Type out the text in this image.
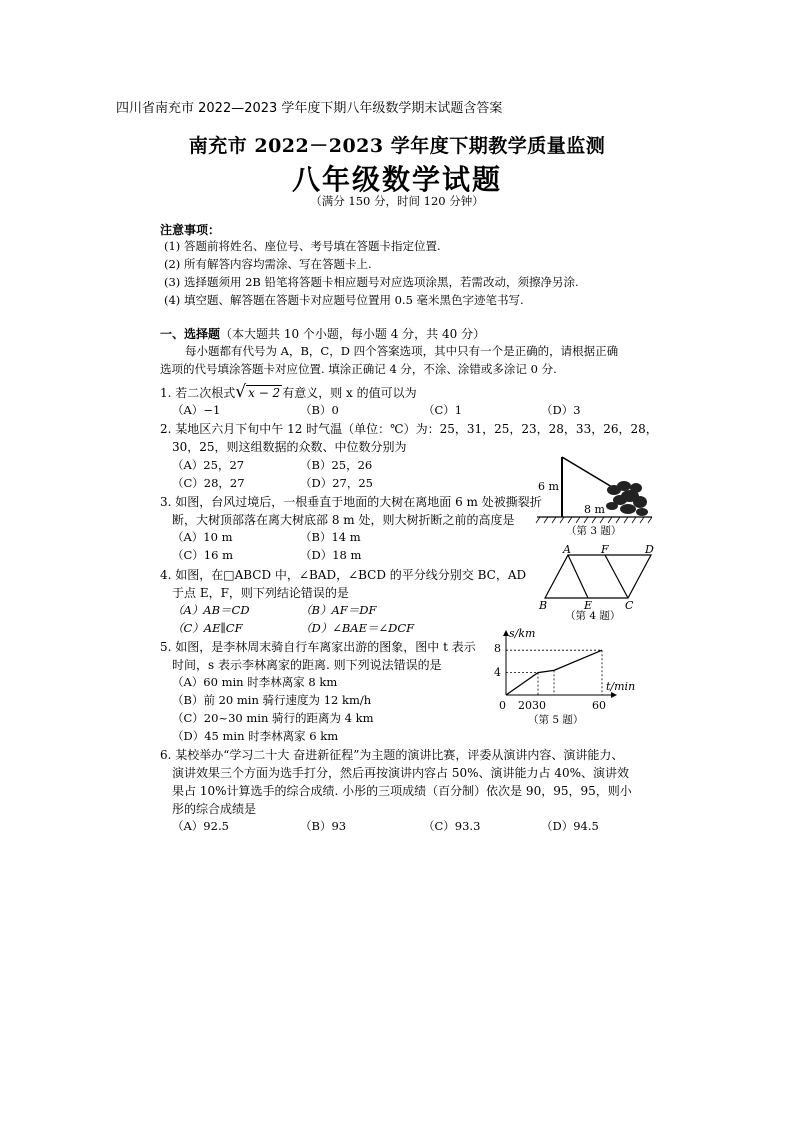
四川省南充市 2022—2023 学年度下期八年级数学期末试题含答案
南充市 2022－2023 学年度下期教学质量监测
八年级数学试题
（满分 150 分，时间 120 分钟）
注意事项：
(1) 答题前将姓名、座位号、考号填在答题卡指定位置.
(2) 所有解答内容均需涂、写在答题卡上.
(3) 选择题须用 2B 铅笔将答题卡相应题号对应选项涂黑，若需改动，须擦净另涂.
(4) 填空题、解答题在答题卡对应题号位置用 0.5 毫米黑色字迹笔书写.
一、选择题（本大题共 10 个小题，每小题 4 分，共 40 分）
每小题都有代号为 A，B，C，D 四个答案选项，其中只有一个是正确的，请根据正确
选项的代号填涂答题卡对应位置. 填涂正确记 4 分，不涂、涂错或多涂记 0 分.
1. 若二次根式√ x − 2 有意义，则 x 的值可以为
（A）−1	（B）0	（C）1	（D）3
2. 某地区六月下旬中午 12 时气温（单位：℃）为：25，31，25，23，28，33，26，28，
30，25，则这组数据的众数、中位数分别为
（A）25，27	（B）25，26
（C）28，27	（D）27，25	6 m
8 m
（第 3 题）
3. 如图，台风过境后，一根垂直于地面的大树在离地面 6 m 处被撕裂折
断，大树顶部落在离大树底部 8 m 处，则大树折断之前的高度是
（A）10 m	（B）14 m
（C）16 m	（D）18 m	A	F	D
B	E	C
（第 4 题）
4. 如图，在□ABCD 中，∠BAD，∠BCD 的平分线分别交 BC，AD
于点 E，F，则下列结论错误的是
（A）AB＝CD	（B）AF＝DF
（C）AE∥CF	（D）∠BAE＝∠DCF	s/km
t/min
8
4
0 20 30	60
（第 5 题）
5. 如图，是李林周末骑自行车离家出游的图象，图中 t 表示
时间，s 表示李林离家的距离. 则下列说法错误的是
（A）60 min 时李林离家 8 km
（B）前 20 min 骑行速度为 12 km/h
（C）20~30 min 骑行的距离为 4 km
（D）45 min 时李林离家 6 km
6. 某校举办“学习二十大 奋进新征程”为主题的演讲比赛，评委从演讲内容、演讲能力、
演讲效果三个方面为选手打分，然后再按演讲内容占 50%、演讲能力占 40%、演讲效
果占 10%计算选手的综合成绩. 小彤的三项成绩（百分制）依次是 90，95，95，则小
彤的综合成绩是
（A）92.5	（B）93	（C）93.3	（D）94.5
